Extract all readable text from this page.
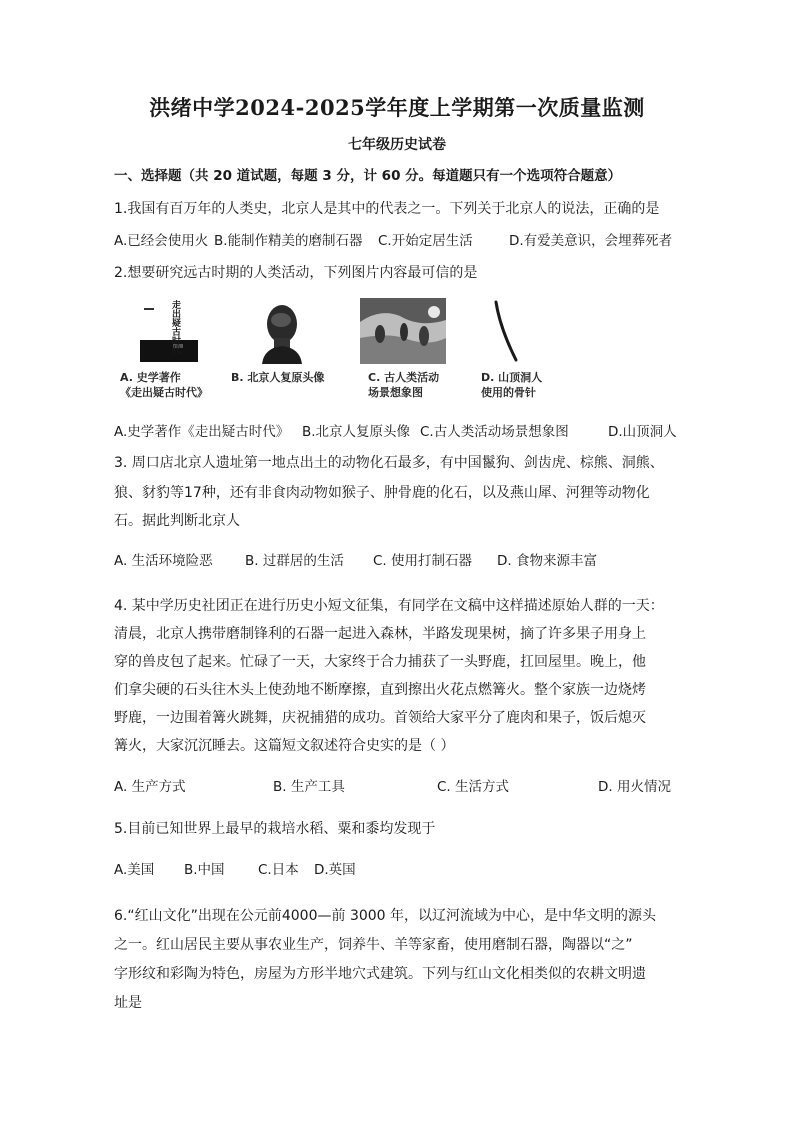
洪绪中学2024-2025学年度上学期第一次质量监测
七年级历史试卷
一、选择题（共 20 道试题，每题 3 分，计 60 分。每道题只有一个选项符合题意）
1.我国有百万年的人类史，北京人是其中的代表之一。下列关于北京人的说法，正确的是
A.已经会使用火 B.能制作精美的磨制石器 C.开始定居生活	D.有爱美意识，会埋葬死者
2.想要研究远古时期的人类活动，下列图片内容最可信的是
走出疑古时代
A. 史学著作
《走出疑古时代》
B. 北京人复原头像	C. 古人类活动
场景想象图
D. 山顶洞人
使用的骨针
A.史学著作《走出疑古时代》 B.北京人复原头像 C.古人类活动场景想象图	D.山顶洞人
3. 周口店北京人遗址第一地点出土的动物化石最多，有中国鬣狗、剑齿虎、棕熊、洞熊、
狼、豺豹等17种，还有非食肉动物如猴子、肿骨鹿的化石，以及燕山犀、河狸等动物化
石。据此判断北京人
A. 生活环境险恶 B. 过群居的生活 C. 使用打制石器 D. 食物来源丰富
4. 某中学历史社团正在进行历史小短文征集，有同学在文稿中这样描述原始人群的一天：
清晨，北京人携带磨制锋利的石器一起进入森林，半路发现果树，摘了许多果子用身上
穿的兽皮包了起来。忙碌了一天，大家终于合力捕获了一头野鹿，扛回屋里。晚上，他
们拿尖硬的石头往木头上使劲地不断摩擦，直到擦出火花点燃篝火。整个家族一边烧烤
野鹿，一边围着篝火跳舞，庆祝捕猎的成功。首领给大家平分了鹿肉和果子，饭后熄灭
篝火，大家沉沉睡去。这篇短文叙述符合史实的是（ ）
A. 生产方式	B. 生产工具	C. 生活方式	D. 用火情况
5.目前已知世界上最早的栽培水稻、粟和黍均发现于
A.美国 B.中国 C.日本 D.英国
6.“红山文化”出现在公元前4000—前 3000 年，以辽河流域为中心，是中华文明的源头
之一。红山居民主要从事农业生产，饲养牛、羊等家畜，使用磨制石器，陶器以“之”
字形纹和彩陶为特色，房屋为方形半地穴式建筑。下列与红山文化相类似的农耕文明遗
址是
